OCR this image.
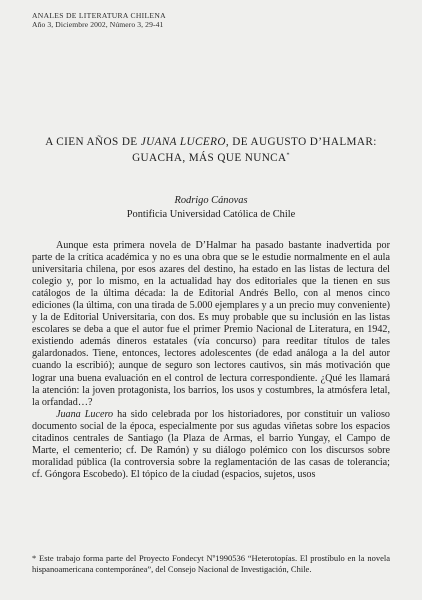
ANALES DE LITERATURA CHILENA
Año 3, Diciembre 2002, Número 3, 29-41
A CIEN AÑOS DE JUANA LUCERO, DE AUGUSTO D’HALMAR:
GUACHA, MÁS QUE NUNCA*
Rodrigo Cánovas
Pontificia Universidad Católica de Chile

Aunque esta primera novela de D’Halmar ha pasado bastante inadvertida por parte de la crítica académica y no es una obra que se le estudie normalmente en el aula universitaria chilena, por esos azares del destino, ha estado en las listas de lectura del colegio y, por lo mismo, en la actualidad hay dos editoriales que la tienen en sus catálogos de la última década: la de Editorial Andrés Bello, con al menos cinco ediciones (la última, con una tirada de 5.000 ejemplares y a un precio muy conveniente) y la de Editorial Universitaria, con dos. Es muy probable que su inclusión en las listas escolares se deba a que el autor fue el primer Premio Nacional de Literatura, en 1942, existiendo además dineros estatales (vía concurso) para reeditar títulos de tales galardonados. Tiene, entonces, lectores adolescentes (de edad análoga a la del autor cuando la escribió); aunque de seguro son lectores cautivos, sin más motivación que lograr una buena evaluación en el control de lectura correspondiente. ¿Qué les llamará la atención: la joven protagonista, los barrios, los usos y costumbres, la atmósfera letal, la orfandad…?

Juana Lucero ha sido celebrada por los historiadores, por constituir un valioso documento social de la época, especialmente por sus agudas viñetas sobre los espacios citadinos centrales de Santiago (la Plaza de Armas, el barrio Yungay, el Campo de Marte, el cementerio; cf. De Ramón) y su diálogo polémico con los discursos sobre moralidad pública (la controversia sobre la reglamentación de las casas de tolerancia; cf. Góngora Escobedo). El tópico de la ciudad (espacios, sujetos, usos

* Este trabajo forma parte del Proyecto Fondecyt Nº1990536 “Heterotopías. El prostíbulo en la novela hispanoamericana contemporánea”, del Consejo Nacional de Investigación, Chile.
